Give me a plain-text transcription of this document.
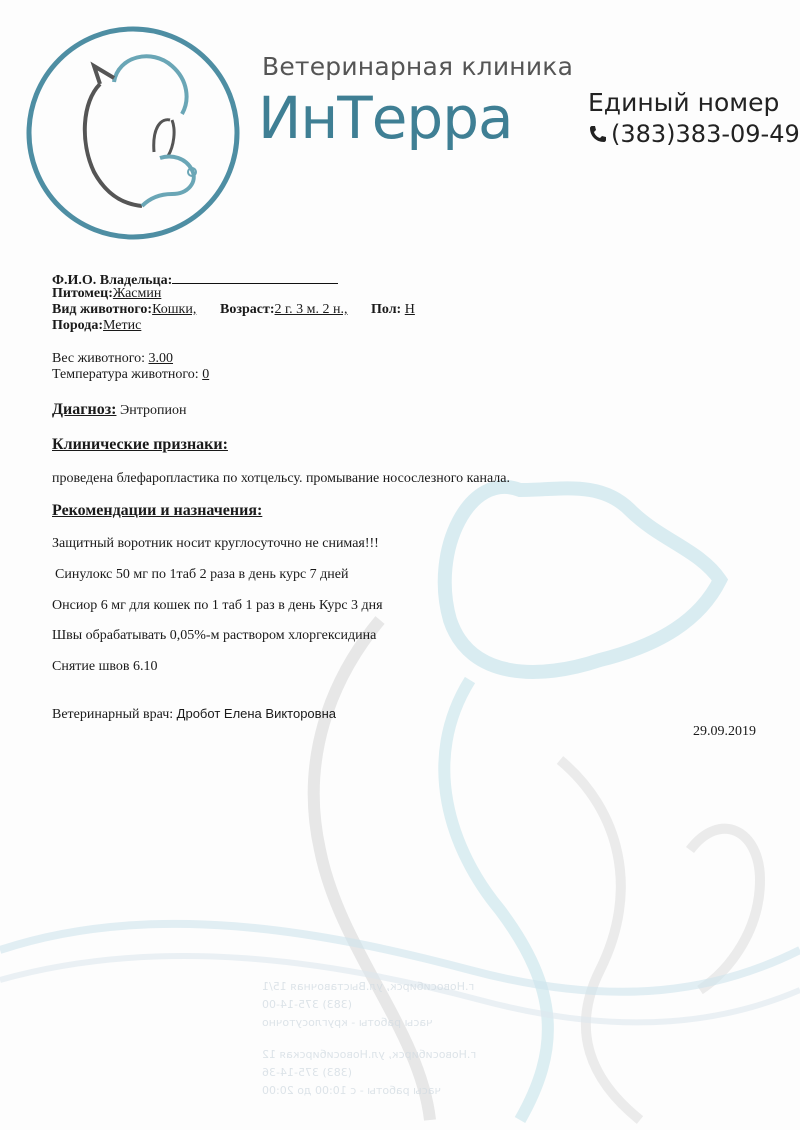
Ветеринарная клиника
ИнТерра	Единый номер
(383)383-09-49
Ф.И.О. Владельца:
Питомец:Жасмин
Вид животного:Кошки, Возраст:2 г. 3 м. 2 н., Пол: Н
Порода:Метис
Вес животного: 3.00
Температура животного: 0
Диагноз: Энтропион
Клинические признаки:
проведена блефаропластика по хотцельсу. промывание носослезного канала.
Рекомендации и назначения:
Защитный воротник носит круглосуточно не снимая!!!
Синулокс 50 мг по 1таб 2 раза в день курс 7 дней
Онсиор 6 мг для кошек по 1 таб 1 раз в день Курс 3 дня
Швы обрабатывать 0,05%-м раствором хлоргексидина
Снятие швов 6.10
Ветеринарный врач: Дробот Елена Викторовна
29.09.2019
г.Новосибирск, ул.Выставочная 15/1
(383) 375-14-00
часы работы - круглосуточно
г.Новосибирск, ул.Новосибирская 12
(383) 375-14-36
часы работы - с 10:00 до 20:00
